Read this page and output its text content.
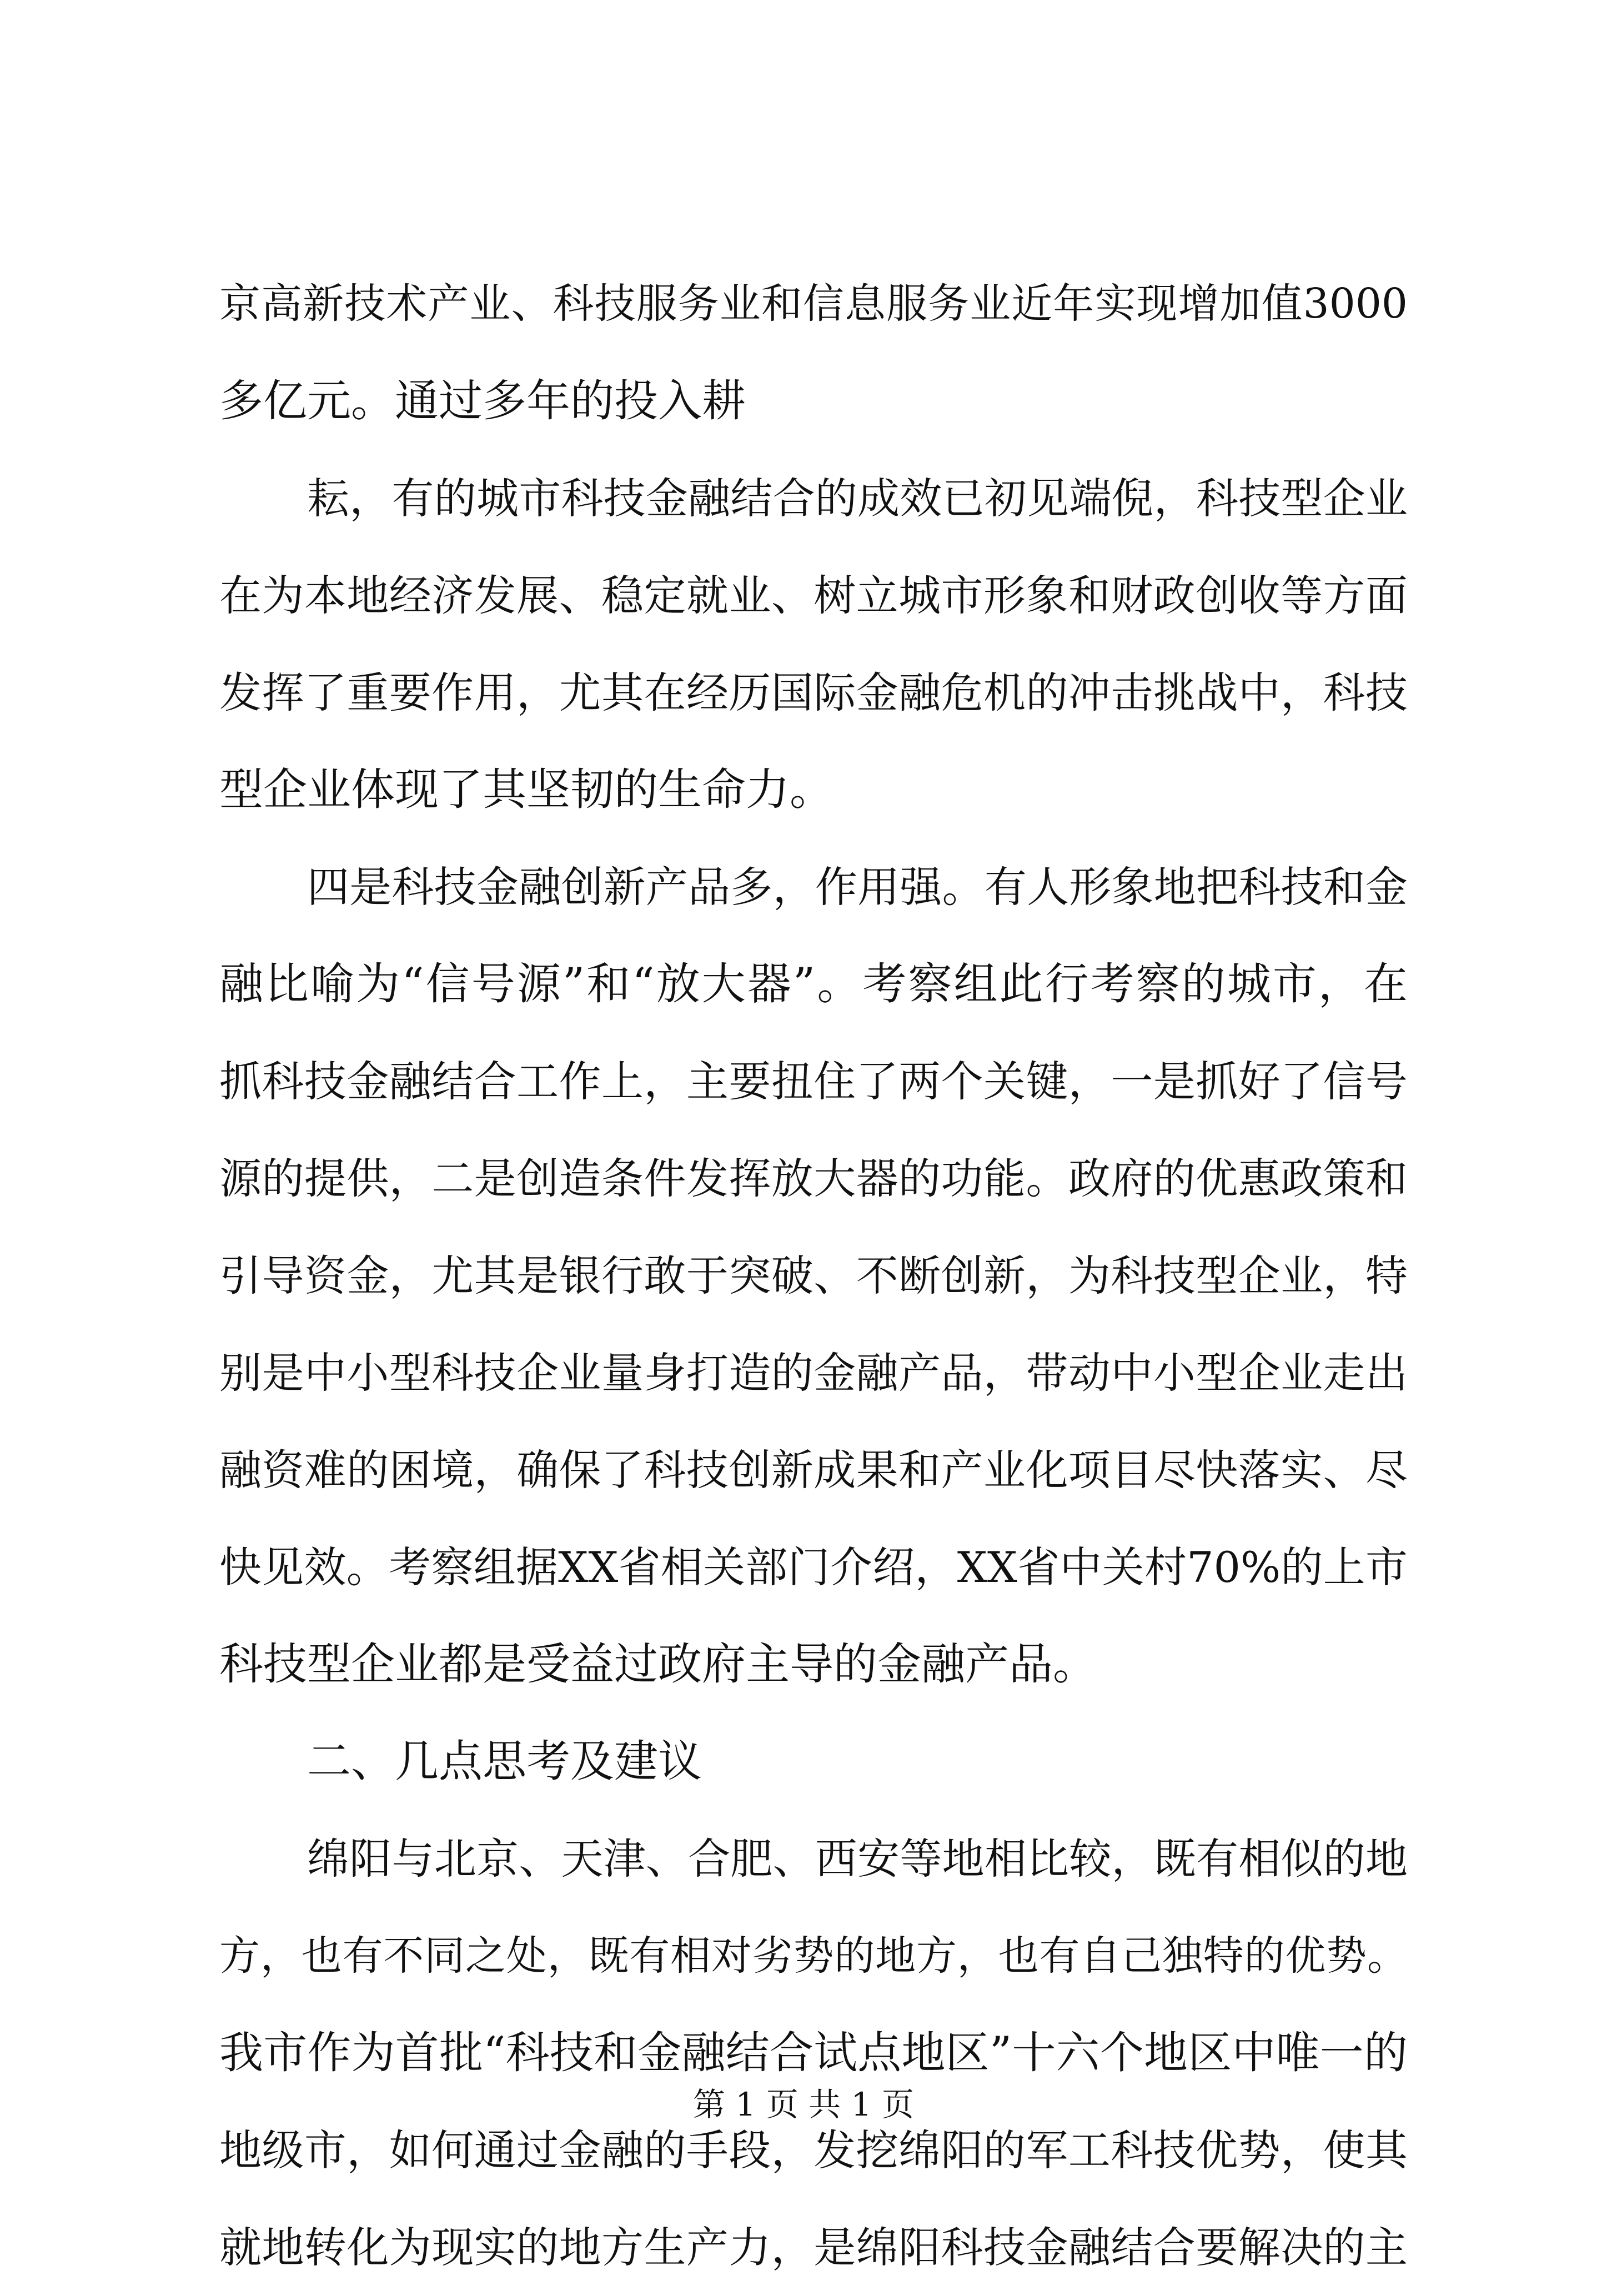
京高新技术产业、科技服务业和信息服务业近年实现增加值3000
多亿元。通过多年的投入耕
耘，有的城市科技金融结合的成效已初见端倪，科技型企业
在为本地经济发展、稳定就业、树立城市形象和财政创收等方面
发挥了重要作用，尤其在经历国际金融危机的冲击挑战中，科技
型企业体现了其坚韧的生命力。
四是科技金融创新产品多，作用强。有人形象地把科技和金
融比喻为“信号源”和“放大器”。考察组此行考察的城市，在
抓科技金融结合工作上，主要扭住了两个关键，一是抓好了信号
源的提供，二是创造条件发挥放大器的功能。政府的优惠政策和
引导资金，尤其是银行敢于突破、不断创新，为科技型企业，特
别是中小型科技企业量身打造的金融产品，带动中小型企业走出
融资难的困境，确保了科技创新成果和产业化项目尽快落实、尽
快见效。考察组据XX省相关部门介绍，XX省中关村70%的上市
科技型企业都是受益过政府主导的金融产品。
二、几点思考及建议
绵阳与北京、天津、合肥、西安等地相比较，既有相似的地
方，也有不同之处，既有相对劣势的地方，也有自己独特的优势。
我市作为首批“科技和金融结合试点地区”十六个地区中唯一的
地级市，如何通过金融的手段，发挖绵阳的军工科技优势，使其
就地转化为现实的地方生产力，是绵阳科技金融结合要解决的主
第 1 页 共 1 页
